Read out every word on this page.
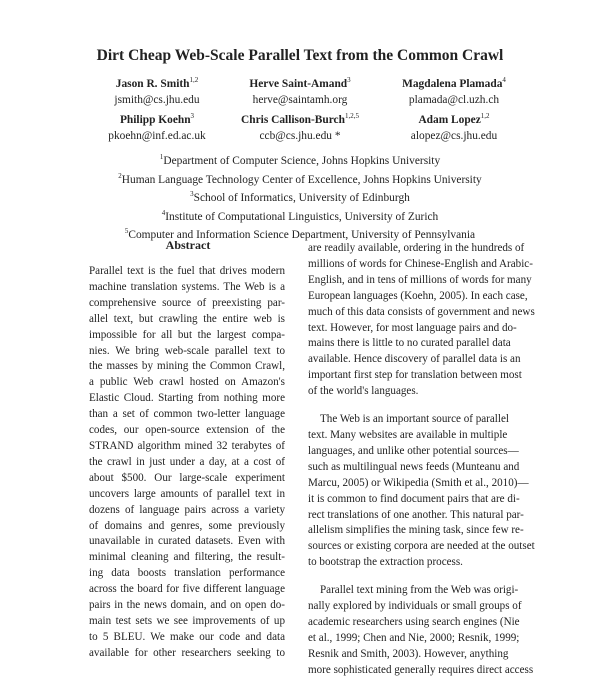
Dirt Cheap Web-Scale Parallel Text from the Common Crawl
Jason R. Smith$^{1,2}$
jsmith@cs.jhu.edu
Herve Saint-Amand$^3$
herve@saintamh.org
Magdalena Plamada$^4$
plamada@cl.uzh.ch
Philipp Koehn$^3$
pkoehn@inf.ed.ac.uk
Chris Callison-Burch$^{1,2,5}$
ccb@cs.jhu.edu *
Adam Lopez$^{1,2}$
alopez@cs.jhu.edu
$^1$Department of Computer Science, Johns Hopkins University
$^2$Human Language Technology Center of Excellence, Johns Hopkins University
$^3$School of Informatics, University of Edinburgh
$^4$Institute of Computational Linguistics, University of Zurich
$^5$Computer and Information Science Department, University of Pennsylvania
Abstract
Parallel text is the fuel that drives modern
machine translation systems. The Web is a
comprehensive source of preexisting par-
allel text, but crawling the entire web is
impossible for all but the largest compa-
nies. We bring web-scale parallel text to
the masses by mining the Common Crawl,
a public Web crawl hosted on Amazon's
Elastic Cloud. Starting from nothing more
than a set of common two-letter language
codes, our open-source extension of the
STRAND algorithm mined 32 terabytes of
the crawl in just under a day, at a cost of
about $500. Our large-scale experiment
uncovers large amounts of parallel text in
dozens of language pairs across a variety
of domains and genres, some previously
unavailable in curated datasets. Even with
minimal cleaning and filtering, the result-
ing data boosts translation performance
across the board for five different language
pairs in the news domain, and on open do-
main test sets we see improvements of up
to 5 BLEU. We make our code and data
available for other researchers seeking to
are readily available, ordering in the hundreds of
millions of words for Chinese-English and Arabic-
English, and in tens of millions of words for many
European languages (Koehn, 2005). In each case,
much of this data consists of government and news
text. However, for most language pairs and do-
mains there is little to no curated parallel data
available. Hence discovery of parallel data is an
important first step for translation between most
of the world's languages.
The Web is an important source of parallel
text. Many websites are available in multiple
languages, and unlike other potential sources—
such as multilingual news feeds (Munteanu and
Marcu, 2005) or Wikipedia (Smith et al., 2010)—
it is common to find document pairs that are di-
rect translations of one another. This natural par-
allelism simplifies the mining task, since few re-
sources or existing corpora are needed at the outset
to bootstrap the extraction process.
Parallel text mining from the Web was origi-
nally explored by individuals or small groups of
academic researchers using search engines (Nie
et al., 1999; Chen and Nie, 2000; Resnik, 1999;
Resnik and Smith, 2003). However, anything
more sophisticated generally requires direct access
